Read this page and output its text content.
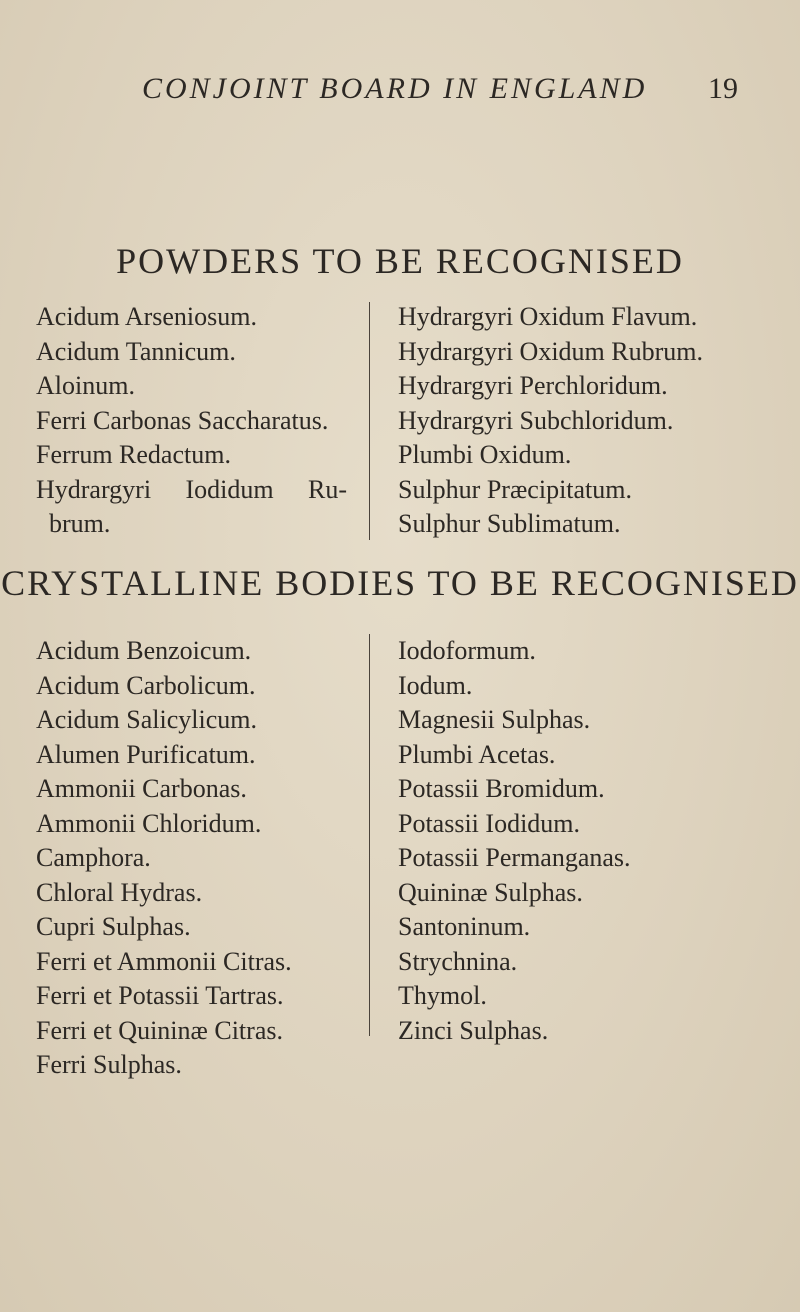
CONJOINT BOARD IN ENGLAND	19
POWDERS TO BE RECOGNISED
Acidum Arseniosum.
Acidum Tannicum.
Aloinum.
Ferri Carbonas Saccharatus.
Ferrum Redactum.
Hydrargyri Iodidum Ru-
brum.
Hydrargyri Oxidum Flavum.
Hydrargyri Oxidum Rubrum.
Hydrargyri Perchloridum.
Hydrargyri Subchloridum.
Plumbi Oxidum.
Sulphur Præcipitatum.
Sulphur Sublimatum.
CRYSTALLINE BODIES TO BE RECOGNISED
Acidum Benzoicum.
Acidum Carbolicum.
Acidum Salicylicum.
Alumen Purificatum.
Ammonii Carbonas.
Ammonii Chloridum.
Camphora.
Chloral Hydras.
Cupri Sulphas.
Ferri et Ammonii Citras.
Ferri et Potassii Tartras.
Ferri et Quininæ Citras.
Ferri Sulphas.
Iodoformum.
Iodum.
Magnesii Sulphas.
Plumbi Acetas.
Potassii Bromidum.
Potassii Iodidum.
Potassii Permanganas.
Quininæ Sulphas.
Santoninum.
Strychnina.
Thymol.
Zinci Sulphas.
